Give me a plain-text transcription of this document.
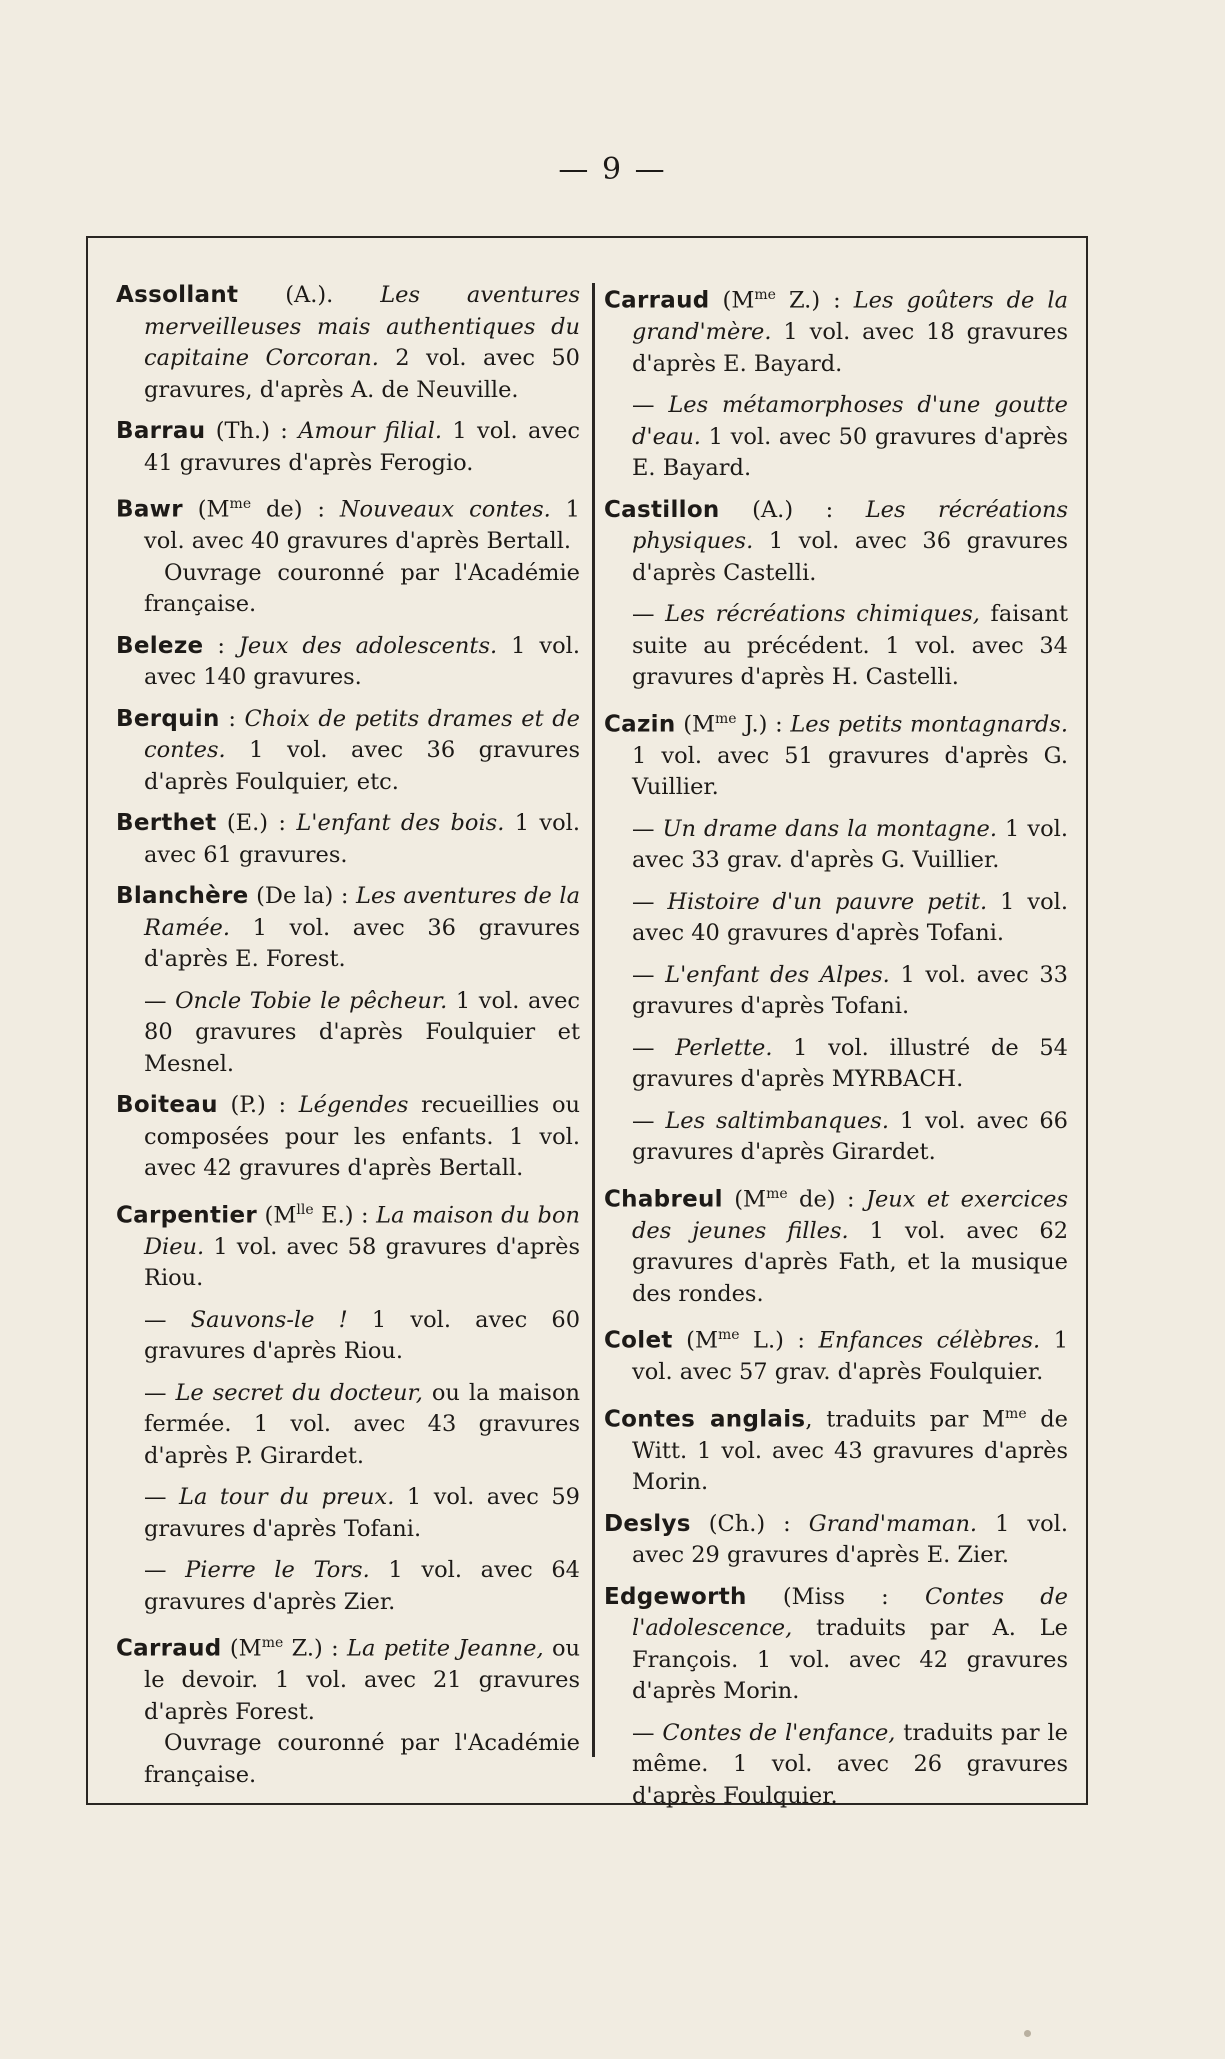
— 9 —

Assollant (A.). Les aventures merveilleuses mais authentiques du capitaine Corcoran. 2 vol. avec 50 gravures, d'après A. de Neuville.

Barrau (Th.) : Amour filial. 1 vol. avec 41 gravures d'après Ferogio.

Bawr ($M^{me}$ de) : Nouveaux contes. 1 vol. avec 40 gravures d'après Bertall.
Ouvrage couronné par l'Académie française.

Beleze : Jeux des adolescents. 1 vol. avec 140 gravures.

Berquin : Choix de petits drames et de contes. 1 vol. avec 36 gravures d'après Foulquier, etc.

Berthet (E.) : L'enfant des bois. 1 vol. avec 61 gravures.

Blanchère (De la) : Les aventures de la Ramée. 1 vol. avec 36 gravures d'après E. Forest.

— Oncle Tobie le pêcheur. 1 vol. avec 80 gravures d'après Foulquier et Mesnel.

Boiteau (P.) : Légendes recueillies ou composées pour les enfants. 1 vol. avec 42 gravures d'après Bertall.

Carpentier ($M^{lle}$ E.) : La maison du bon Dieu. 1 vol. avec 58 gravures d'après Riou.

— Sauvons-le ! 1 vol. avec 60 gravures d'après Riou.

— Le secret du docteur, ou la maison fermée. 1 vol. avec 43 gravures d'après P. Girardet.

— La tour du preux. 1 vol. avec 59 gravures d'après Tofani.

— Pierre le Tors. 1 vol. avec 64 gravures d'après Zier.

Carraud ($M^{me}$ Z.) : La petite Jeanne, ou le devoir. 1 vol. avec 21 gravures d'après Forest.
Ouvrage couronné par l'Académie française.

Carraud ($M^{me}$ Z.) : Les goûters de la grand'mère. 1 vol. avec 18 gravures d'après E. Bayard.

— Les métamorphoses d'une goutte d'eau. 1 vol. avec 50 gravures d'après E. Bayard.

Castillon (A.) : Les récréations physiques. 1 vol. avec 36 gravures d'après Castelli.

— Les récréations chimiques, faisant suite au précédent. 1 vol. avec 34 gravures d'après H. Castelli.

Cazin ($M^{me}$ J.) : Les petits montagnards. 1 vol. avec 51 gravures d'après G. Vuillier.

— Un drame dans la montagne. 1 vol. avec 33 grav. d'après G. Vuillier.

— Histoire d'un pauvre petit. 1 vol. avec 40 gravures d'après Tofani.

— L'enfant des Alpes. 1 vol. avec 33 gravures d'après Tofani.

— Perlette. 1 vol. illustré de 54 gravures d'après MYRBACH.

— Les saltimbanques. 1 vol. avec 66 gravures d'après Girardet.

Chabreul ($M^{me}$ de) : Jeux et exercices des jeunes filles. 1 vol. avec 62 gravures d'après Fath, et la musique des rondes.

Colet ($M^{me}$ L.) : Enfances célèbres. 1 vol. avec 57 grav. d'après Foulquier.

Contes anglais, traduits par $M^{me}$ de Witt. 1 vol. avec 43 gravures d'après Morin.

Deslys (Ch.) : Grand'maman. 1 vol. avec 29 gravures d'après E. Zier.

Edgeworth (Miss : Contes de l'adolescence, traduits par A. Le François. 1 vol. avec 42 gravures d'après Morin.

— Contes de l'enfance, traduits par le même. 1 vol. avec 26 gravures d'après Foulquier.
